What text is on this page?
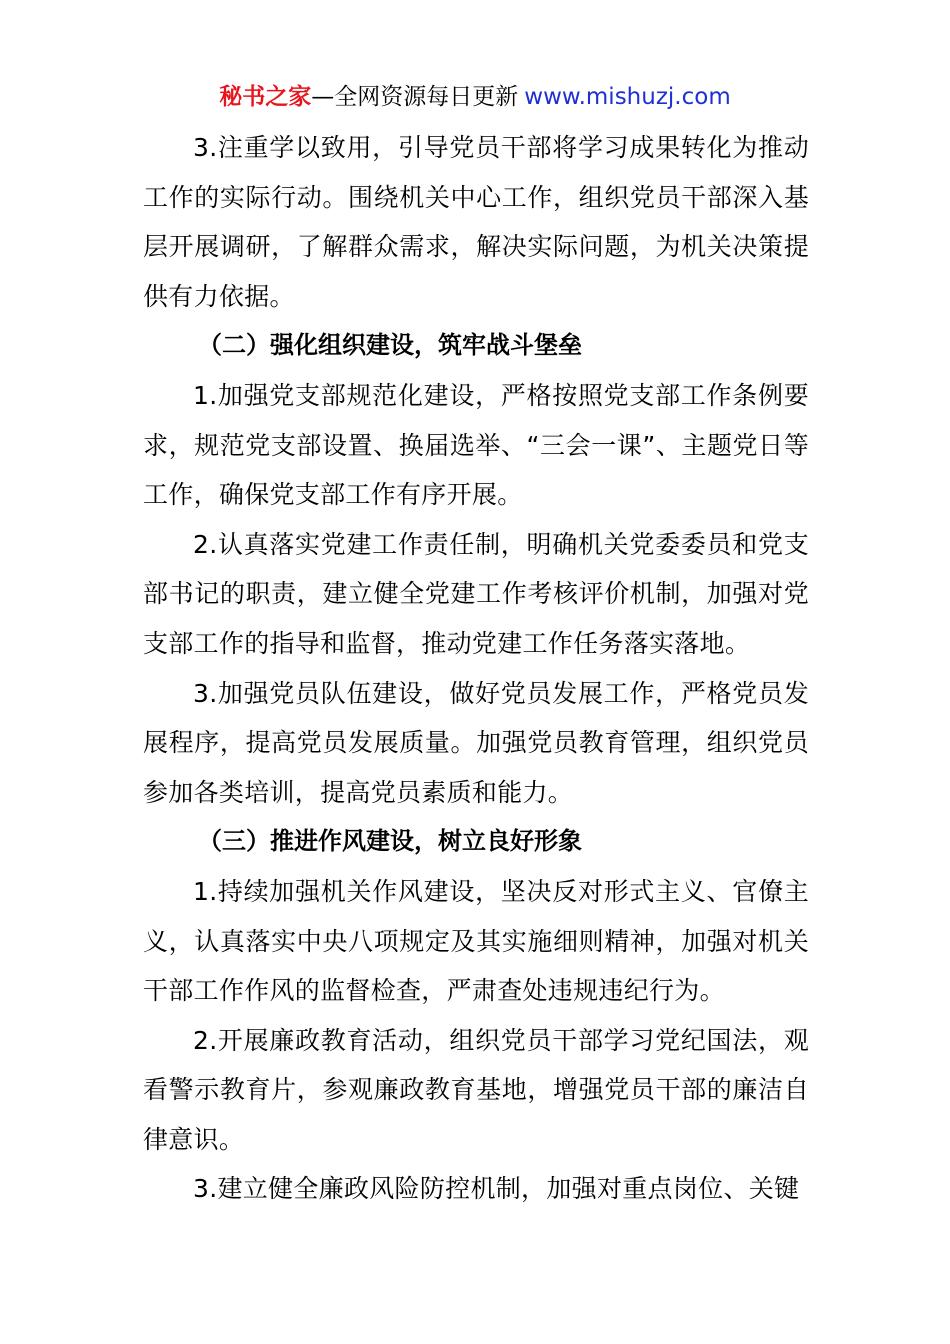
秘书之家—全网资源每日更新 www.mishuzj.com

3.注重学以致用，引导党员干部将学习成果转化为推动工作的实际行动。围绕机关中心工作，组织党员干部深入基层开展调研，了解群众需求，解决实际问题，为机关决策提供有力依据。

（二）强化组织建设，筑牢战斗堡垒

1.加强党支部规范化建设，严格按照党支部工作条例要求，规范党支部设置、换届选举、“三会一课”、主题党日等工作，确保党支部工作有序开展。

2.认真落实党建工作责任制，明确机关党委委员和党支部书记的职责，建立健全党建工作考核评价机制，加强对党支部工作的指导和监督，推动党建工作任务落实落地。

3.加强党员队伍建设，做好党员发展工作，严格党员发展程序，提高党员发展质量。加强党员教育管理，组织党员参加各类培训，提高党员素质和能力。

（三）推进作风建设，树立良好形象

1.持续加强机关作风建设，坚决反对形式主义、官僚主义，认真落实中央八项规定及其实施细则精神，加强对机关干部工作作风的监督检查，严肃查处违规违纪行为。

2.开展廉政教育活动，组织党员干部学习党纪国法，观看警示教育片，参观廉政教育基地，增强党员干部的廉洁自律意识。

3.建立健全廉政风险防控机制，加强对重点岗位、关键
